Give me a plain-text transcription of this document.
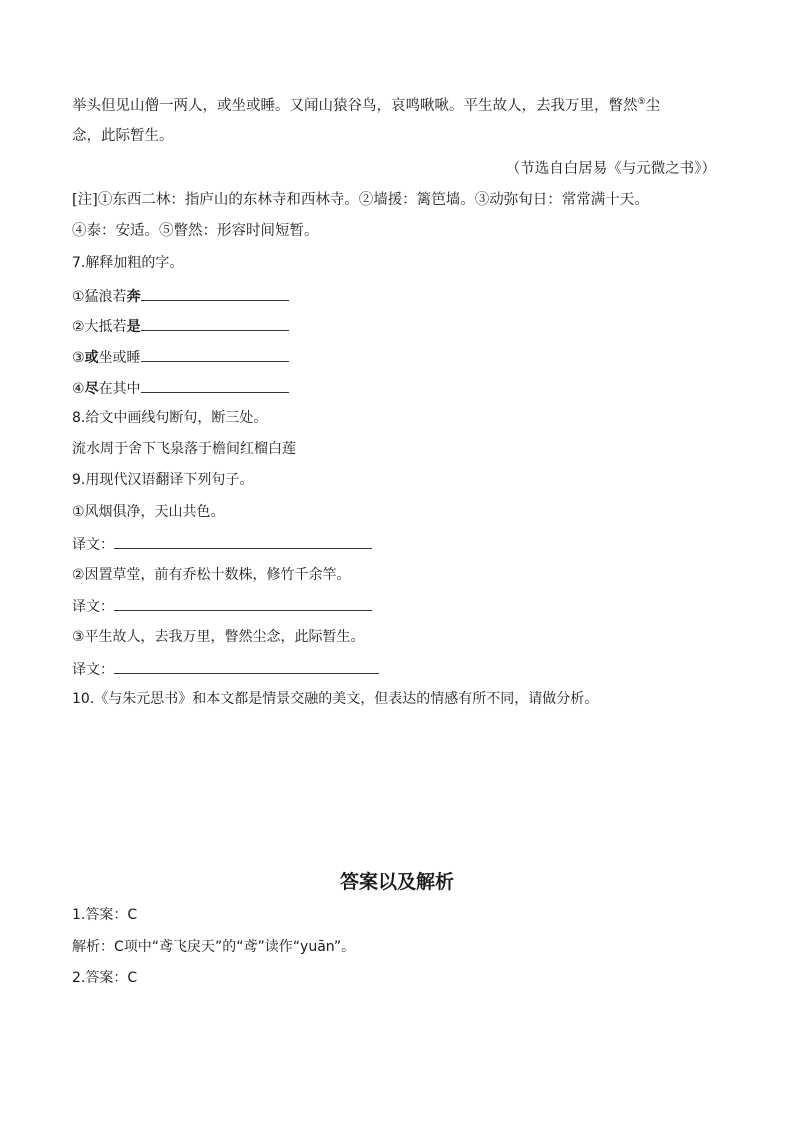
举头但见山僧一两人，或坐或睡。又闻山猿谷鸟，哀鸣啾啾。平生故人，去我万里，瞥然⑤尘
念，此际暂生。
（节选自白居易《与元微之书》）
[注]①东西二林：指庐山的东林寺和西林寺。②墙援：篱笆墙。③动弥旬日：常常满十天。
④泰：安适。⑤瞥然：形容时间短暂。
7.解释加粗的字。
①猛浪若奔
②大抵若是
③或坐或睡
④尽在其中
8.给文中画线句断句，断三处。
流水周于舍下飞泉落于檐间红榴白莲
9.用现代汉语翻译下列句子。
①风烟俱净，天山共色。
译文：
②因置草堂，前有乔松十数株，修竹千余竿。
译文：
③平生故人，去我万里，瞥然尘念，此际暂生。
译文：
10.《与朱元思书》和本文都是情景交融的美文，但表达的情感有所不同，请做分析。
答案以及解析
1.答案：C
解析：C项中“鸢飞戾天”的“鸢”读作“yuān”。
2.答案：C
